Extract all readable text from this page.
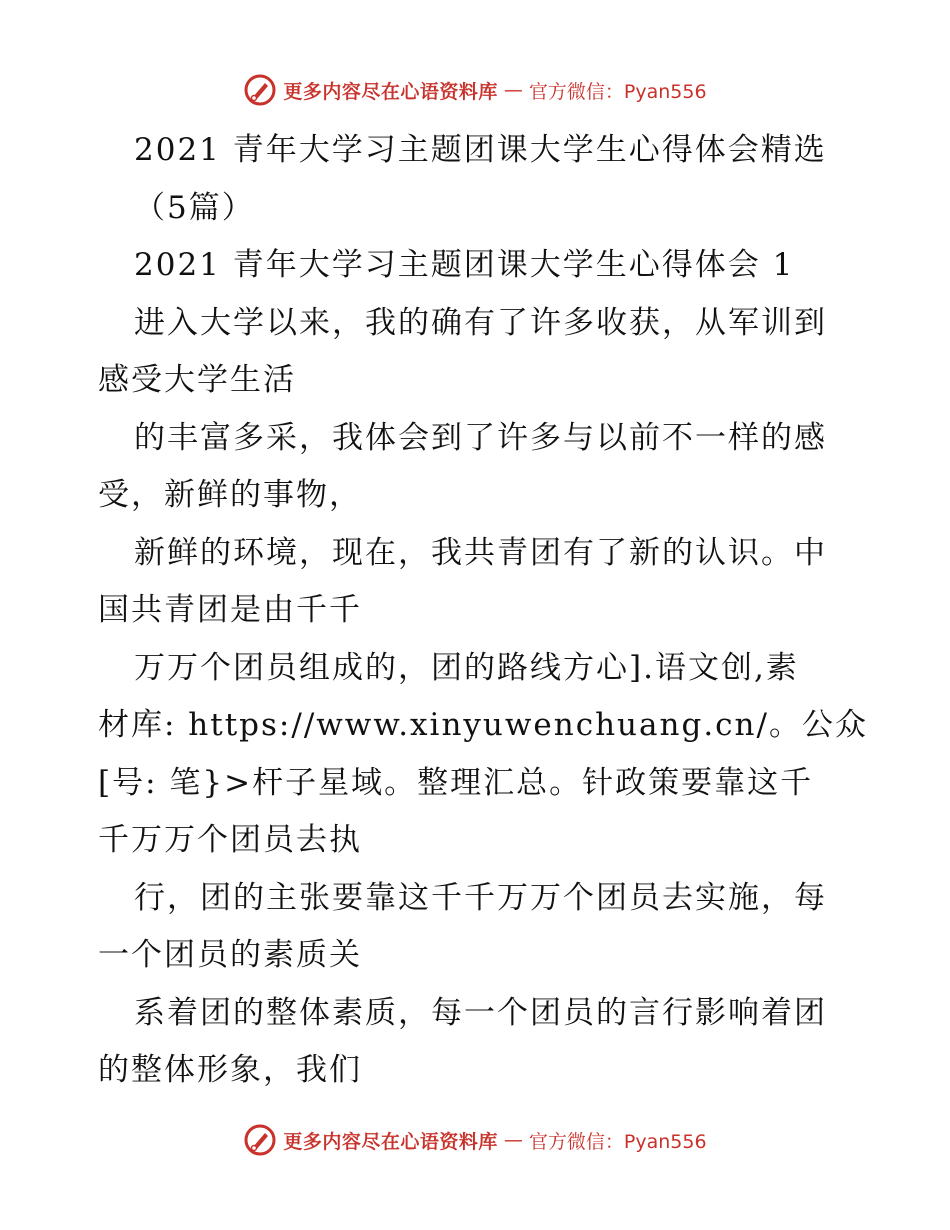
更多内容尽在心语资料库 — 官方微信：Pyan556
2021 青年大学习主题团课大学生心得体会精选
（5篇）
2021 青年大学习主题团课大学生心得体会 1
进入大学以来，我的确有了许多收获，从军训到
感受大学生活
的丰富多采，我体会到了许多与以前不一样的感
受，新鲜的事物，
新鲜的环境，现在，我共青团有了新的认识。中
国共青团是由千千
万万个团员组成的，团的路线方心].语文创,素
材库: https://www.xinyuwenchuang.cn/。公众
[号: 笔}>杆子星域。整理汇总。针政策要靠这千
千万万个团员去执
行，团的主张要靠这千千万万个团员去实施，每
一个团员的素质关
系着团的整体素质，每一个团员的言行影响着团
的整体形象，我们
更多内容尽在心语资料库 — 官方微信：Pyan556
